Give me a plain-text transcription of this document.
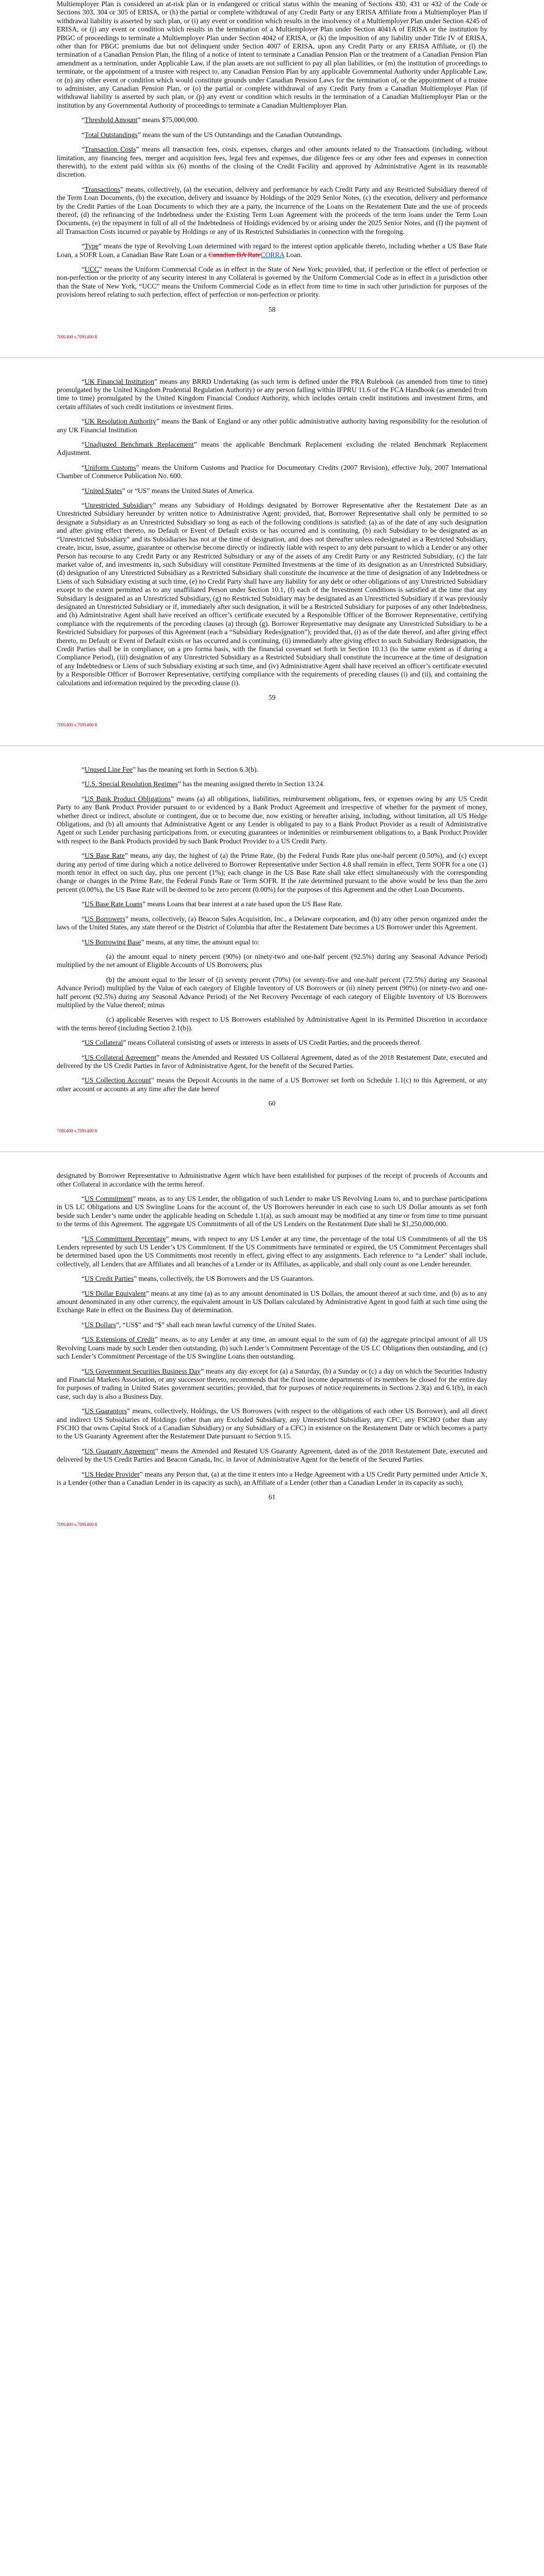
Multiemployer Plan is considered an at-risk plan or in endangered or critical status within the meaning of Sections 430, 431 or 432 of the Code or Sections 303, 304 or 305 of ERISA, or (h) the partial or complete withdrawal of any Credit Party or any ERISA Affiliate from a Multiemployer Plan if withdrawal liability is asserted by such plan, or (i) any event or condition which results in the insolvency of a Multiemployer Plan under Section 4245 of ERISA, or (j) any event or condition which results in the termination of a Multiemployer Plan under Section 4041A of ERISA or the institution by PBGC of proceedings to terminate a Multiemployer Plan under Section 4042 of ERISA, or (k) the imposition of any liability under Title IV of ERISA, other than for PBGC premiums due but not delinquent under Section 4007 of ERISA, upon any Credit Party or any ERISA Affiliate, or (l) the termination of a Canadian Pension Plan, the filing of a notice of intent to terminate a Canadian Pension Plan or the treatment of a Canadian Pension Plan amendment as a termination, under Applicable Law, if the plan assets are not sufficient to pay all plan liabilities, or (m) the institution of proceedings to terminate, or the appointment of a trustee with respect to, any Canadian Pension Plan by any applicable Governmental Authority under Applicable Law, or (n) any other event or condition which would constitute grounds under Canadian Pension Laws for the termination of, or the appointment of a trustee to administer, any Canadian Pension Plan, or (o) the partial or complete withdrawal of any Credit Party from a Canadian Multiemployer Plan (if withdrawal liability is asserted by such plan, or (p) any event or condition which results in the termination of a Canadian Multiemployer Plan or the institution by any Governmental Authority of proceedings to terminate a Canadian Multiemployer Plan.

“Threshold Amount” means $75,000,000.

“Total Outstandings” means the sum of the US Outstandings and the Canadian Outstandings.

“Transaction Costs” means all transaction fees, costs, expenses, charges and other amounts related to the Transactions (including, without limitation, any financing fees, merger and acquisition fees, legal fees and expenses, due diligence fees or any other fees and expenses in connection therewith), to the extent paid within six (6) months of the closing of the Credit Facility and approved by Administrative Agent in its reasonable discretion.

“Transactions” means, collectively, (a) the execution, delivery and performance by each Credit Party and any Restricted Subsidiary thereof of the Term Loan Documents, (b) the execution, delivery and issuance by Holdings of the 2029 Senior Notes, (c) the execution, delivery and performance by the Credit Parties of the Loan Documents to which they are a party, the incurrence of the Loans on the Restatement Date and the use of proceeds thereof, (d) the refinancing of the Indebtedness under the Existing Term Loan Agreement with the proceeds of the term loans under the Term Loan Documents, (e) the repayment in full of all of the Indebtedness of Holdings evidenced by or arising under the 2025 Senior Notes, and (f) the payment of all Transaction Costs incurred or payable by Holdings or any of its Restricted Subsidiaries in connection with the foregoing.

“Type” means the type of Revolving Loan determined with regard to the interest option applicable thereto, including whether a US Base Rate Loan, a SOFR Loan, a Canadian Base Rate Loan or a Canadian BA RateCORRA Loan.

“UCC” means the Uniform Commercial Code as in effect in the State of New York; provided, that, if perfection or the effect of perfection or non-perfection or the priority of any security interest in any Collateral is governed by the Uniform Commercial Code as in effect in a jurisdiction other than the State of New York, “UCC” means the Uniform Commercial Code as in effect from time to time in such other jurisdiction for purposes of the provisions hereof relating to such perfection, effect of perfection or non-perfection or priority.

58
7091400 v.7091400 8

“UK Financial Institution” means any BRRD Undertaking (as such term is defined under the PRA Rulebook (as amended from time to time) promulgated by the United Kingdom Prudential Regulation Authority) or any person falling within IFPRU 11.6 of the FCA Handbook (as amended from time to time) promulgated by the United Kingdom Financial Conduct Authority, which includes certain credit institutions and investment firms, and certain affiliates of such credit institutions or investment firms.

“UK Resolution Authority” means the Bank of England or any other public administrative authority having responsibility for the resolution of any UK Financial Institution

“Unadjusted Benchmark Replacement” means the applicable Benchmark Replacement excluding the related Benchmark Replacement Adjustment.

“Uniform Customs” means the Uniform Customs and Practice for Documentary Credits (2007 Revision), effective July, 2007 International Chamber of Commerce Publication No. 600.

“United States” or “US” means the United States of America.

“Unrestricted Subsidiary” means any Subsidiary of Holdings designated by Borrower Representative after the Restatement Date as an Unrestricted Subsidiary hereunder by written notice to Administrative Agent; provided, that, Borrower Representative shall only be permitted to so designate a Subsidiary as an Unrestricted Subsidiary so long as each of the following conditions is satisfied: (a) as of the date of any such designation and after giving effect thereto, no Default or Event of Default exists or has occurred and is continuing, (b) each Subsidiary to be designated as an “Unrestricted Subsidiary” and its Subsidiaries has not at the time of designation, and does not thereafter unless redesignated as a Restricted Subsidiary, create, incur, issue, assume, guarantee or otherwise become directly or indirectly liable with respect to any debt pursuant to which a Lender or any other Person has recourse to any Credit Party or any Restricted Subsidiary or any of the assets of any Credit Party or any Restricted Subsidiary, (c) the fair market value of, and investments in, such Subsidiary will constitute Permitted Investments at the time of its designation as an Unrestricted Subsidiary, (d) designation of any Unrestricted Subsidiary as a Restricted Subsidiary shall constitute the incurrence at the time of designation of any Indebtedness or Liens of such Subsidiary existing at such time, (e) no Credit Party shall have any liability for any debt or other obligations of any Unrestricted Subsidiary except to the extent permitted as to any unaffiliated Person under Section 10.1, (f) each of the Investment Conditions is satisfied at the time that any Subsidiary is designated as an Unrestricted Subsidiary, (g) no Restricted Subsidiary may be designated as an Unrestricted Subsidiary if it was previously designated an Unrestricted Subsidiary or if, immediately after such designation, it will be a Restricted Subsidiary for purposes of any other Indebtedness, and (h) Administrative Agent shall have received an officer’s certificate executed by a Responsible Officer of the Borrower Representative, certifying compliance with the requirements of the preceding clauses (a) through (g). Borrower Representative may designate any Unrestricted Subsidiary to be a Restricted Subsidiary for purposes of this Agreement (each a “Subsidiary Redesignation”); provided that, (i) as of the date thereof, and after giving effect thereto, no Default or Event of Default exists or has occurred and is continuing, (ii) immediately after giving effect to such Subsidiary Redesignation, the Credit Parties shall be in compliance, on a pro forma basis, with the financial covenant set forth in Section 10.13 (to the same extent as if during a Compliance Period), (iii) designation of any Unrestricted Subsidiary as a Restricted Subsidiary shall constitute the incurrence at the time of designation of any Indebtedness or Liens of such Subsidiary existing at such time, and (iv) Administrative Agent shall have received an officer’s certificate executed by a Responsible Officer of Borrower Representative, certifying compliance with the requirements of preceding clauses (i) and (ii), and containing the calculations and information required by the preceding clause (i).

59
7091400 v.7091400 8

“Unused Line Fee” has the meaning set forth in Section 6.3(b).

“U.S. Special Resolution Regimes” has the meaning assigned thereto in Section 13.24.

“US Bank Product Obligations” means (a) all obligations, liabilities, reimbursement obligations, fees, or expenses owing by any US Credit Party to any Bank Product Provider pursuant to or evidenced by a Bank Product Agreement and irrespective of whether for the payment of money, whether direct or indirect, absolute or contingent, due or to become due, now existing or hereafter arising, including, without limitation, all US Hedge Obligations, and (b) all amounts that Administrative Agent or any Lender is obligated to pay to a Bank Product Provider as a result of Administrative Agent or such Lender purchasing participations from, or executing guarantees or indemnities or reimbursement obligations to, a Bank Product Provider with respect to the Bank Products provided by such Bank Product Provider to a US Credit Party.

“US Base Rate” means, any day, the highest of (a) the Prime Rate, (b) the Federal Funds Rate plus one-half percent (0.50%), and (c) except during any period of time during which a notice delivered to Borrower Representative under Section 4.8 shall remain in effect, Term SOFR for a one (1) month tenor in effect on such day, plus one percent (1%); each change in the US Base Rate shall take effect simultaneously with the corresponding change or changes in the Prime Rate, the Federal Funds Rate or Term SOFR. If the rate determined pursuant to the above would be less than the zero percent (0.00%), the US Base Rate will be deemed to be zero percent (0.00%) for the purposes of this Agreement and the other Loan Documents.

“US Base Rate Loans” means Loans that bear interest at a rate based upon the US Base Rate.

“US Borrowers” means, collectively, (a) Beacon Sales Acquisition, Inc., a Delaware corporation, and (b) any other person organized under the laws of the United States, any state thereof or the District of Columbia that after the Restatement Date becomes a US Borrower under this Agreement.

“US Borrowing Base” means, at any time, the amount equal to:

(a) the amount equal to ninety percent (90%) (or ninety-two and one-half percent (92.5%) during any Seasonal Advance Period) multiplied by the net amount of Eligible Accounts of US Borrowers; plus

(b) the amount equal to the lesser of (i) seventy percent (70%) (or seventy-five and one-half percent (72.5%) during any Seasonal Advance Period) multiplied by the Value of each category of Eligible Inventory of US Borrowers or (ii) ninety percent (90%) (or ninety-two and one-half percent (92.5%) during any Seasonal Advance Period) of the Net Recovery Percentage of each category of Eligible Inventory of US Borrowers multiplied by the Value thereof; minus

(c) applicable Reserves with respect to US Borrowers established by Administrative Agent in its Permitted Discretion in accordance with the terms hereof (including Section 2.1(b)).

“US Collateral” means Collateral consisting of assets or interests in assets of US Credit Parties, and the proceeds thereof.

“US Collateral Agreement” means the Amended and Restated US Collateral Agreement, dated as of the 2018 Restatement Date, executed and delivered by the US Credit Parties in favor of Administrative Agent, for the benefit of the Secured Parties.

“US Collection Account” means the Deposit Accounts in the name of a US Borrower set forth on Schedule 1.1(c) to this Agreement, or any other account or accounts at any time after the date hereof

60
7091400 v.7091400 8

designated by Borrower Representative to Administrative Agent which have been established for purposes of the receipt of proceeds of Accounts and other Collateral in accordance with the terms hereof.

“US Commitment” means, as to any US Lender, the obligation of such Lender to make US Revolving Loans to, and to purchase participations in US LC Obligations and US Swingline Loans for the account of, the US Borrowers hereunder in each case to such US Dollar amounts as set forth beside such Lender’s name under the applicable heading on Schedule 1.1(a), as such amount may be modified at any time or from time to time pursuant to the terms of this Agreement. The aggregate US Commitments of all of the US Lenders on the Restatement Date shall be $1,250,000,000.

“US Commitment Percentage” means, with respect to any US Lender at any time, the percentage of the total US Commitments of all the US Lenders represented by such US Lender’s US Commitment. If the US Commitments have terminated or expired, the US Commitment Percentages shall be determined based upon the US Commitments most recently in effect, giving effect to any assignments. Each reference to “a Lender” shall include, collectively, all Lenders that are Affiliates and all branches of a Lender or its Affiliates, as applicable, and shall only count as one Lender hereunder.

“US Credit Parties” means, collectively, the US Borrowers and the US Guarantors.

“US Dollar Equivalent” means at any time (a) as to any amount denominated in US Dollars, the amount thereof at such time, and (b) as to any amount denominated in any other currency, the equivalent amount in US Dollars calculated by Administrative Agent in good faith at such time using the Exchange Rate in effect on the Business Day of determination.

“US Dollars”, “US$” and “$” shall each mean lawful currency of the United States.

“US Extensions of Credit” means, as to any Lender at any time, an amount equal to the sum of (a) the aggregate principal amount of all US Revolving Loans made by such Lender then outstanding, (b) such Lender’s Commitment Percentage of the US LC Obligations then outstanding, and (c) such Lender’s Commitment Percentage of the US Swingline Loans then outstanding.

“US Government Securities Business Day” means any day except for (a) a Saturday, (b) a Sunday or (c) a day on which the Securities Industry and Financial Markets Association, or any successor thereto, recommends that the fixed income departments of its members be closed for the entire day for purposes of trading in United States government securities; provided, that for purposes of notice requirements in Sections 2.3(a) and 6.1(b), in each case, such day is also a Business Day.

“US Guarantors” means, collectively, Holdings, the US Borrowers (with respect to the obligations of each other US Borrower), and all direct and indirect US Subsidiaries of Holdings (other than any Excluded Subsidiary, any Unrestricted Subsidiary, any CFC, any FSCHO (other than any FSCHO that owns Capital Stock of a Canadian Subsidiary) or any Subsidiary of a CFC) in existence on the Restatement Date or which becomes a party to the US Guaranty Agreement after the Restatement Date pursuant to Section 9.15.

“US Guaranty Agreement” means the Amended and Restated US Guaranty Agreement, dated as of the 2018 Restatement Date, executed and delivered by the US Credit Parties and Beacon Canada, Inc. in favor of Administrative Agent for the benefit of the Secured Parties.

“US Hedge Provider” means any Person that, (a) at the time it enters into a Hedge Agreement with a US Credit Party permitted under Article X, is a Lender (other than a Canadian Lender in its capacity as such), an Affiliate of a Lender (other than a Canadian Lender in its capacity as such),

61
7091400 v.7091400 8
